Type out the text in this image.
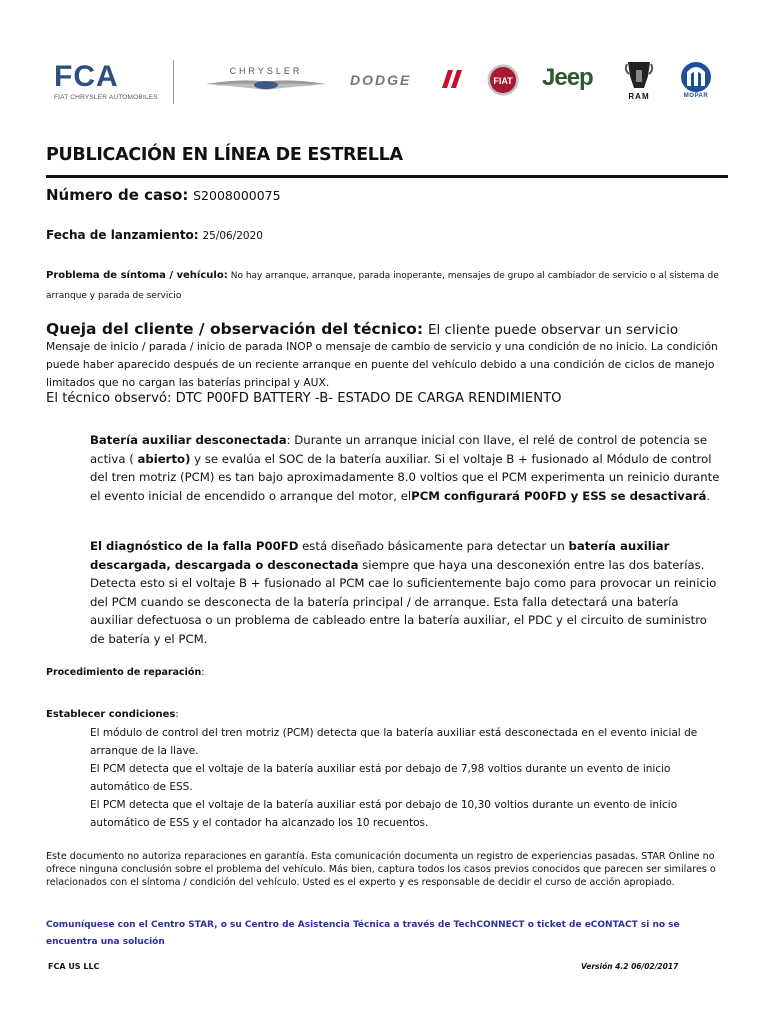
FCA
FIAT CHRYSLER AUTOMOBILES
CHRYSLER
DODGE	FIAT Jeep
RAM	MOPAR
PUBLICACIÓN EN LÍNEA DE ESTRELLA
Número de caso: S2008000075
Fecha de lanzamiento: 25/06/2020
Problema de síntoma / vehículo: No hay arranque, arranque, parada inoperante, mensajes de grupo al cambiador de servicio o al sistema de arranque y parada de servicio
Queja del cliente / observación del técnico: El cliente puede observar un servicio
Mensaje de inicio / parada / inicio de parada INOP o mensaje de cambio de servicio y una condición de no inicio. La condición puede haber aparecido después de un reciente arranque en puente del vehículo debido a una condición de ciclos de manejo limitados que no cargan las baterías principal y AUX.
El técnico observó: DTC P00FD BATTERY -B- ESTADO DE CARGA RENDIMIENTO
Batería auxiliar desconectada: Durante un arranque inicial con llave, el relé de control de potencia se activa ( abierto) y se evalúa el SOC de la batería auxiliar. Si el voltaje B + fusionado al Módulo de control del tren motriz (PCM) es tan bajo aproximadamente 8.0 voltios que el PCM experimenta un reinicio durante el evento inicial de encendido o arranque del motor, elPCM configurará P00FD y ESS se desactivará.
El diagnóstico de la falla P00FD está diseñado básicamente para detectar un batería auxiliar descargada, descargada o desconectada siempre que haya una desconexión entre las dos baterías. Detecta esto si el voltaje B + fusionado al PCM cae lo suficientemente bajo como para provocar un reinicio del PCM cuando se desconecta de la batería principal / de arranque. Esta falla detectará una batería auxiliar defectuosa o un problema de cableado entre la batería auxiliar, el PDC y el circuito de suministro de batería y el PCM.
Procedimiento de reparación:
Establecer condiciones:
El módulo de control del tren motriz (PCM) detecta que la batería auxiliar está desconectada en el evento inicial de arranque de la llave.
El PCM detecta que el voltaje de la batería auxiliar está por debajo de 7,98 voltios durante un evento de inicio automático de ESS.
El PCM detecta que el voltaje de la batería auxiliar está por debajo de 10,30 voltios durante un evento de inicio automático de ESS y el contador ha alcanzado los 10 recuentos.
Este documento no autoriza reparaciones en garantía. Esta comunicación documenta un registro de experiencias pasadas. STAR Online no ofrece ninguna conclusión sobre el problema del vehículo. Más bien, captura todos los casos previos conocidos que parecen ser similares o relacionados con el síntoma / condición del vehículo. Usted es el experto y es responsable de decidir el curso de acción apropiado.
Comuníquese con el Centro STAR, o su Centro de Asistencia Técnica a través de TechCONNECT o ticket de eCONTACT si no se encuentra una solución
FCA US LLC	Versión 4.2 06/02/2017
